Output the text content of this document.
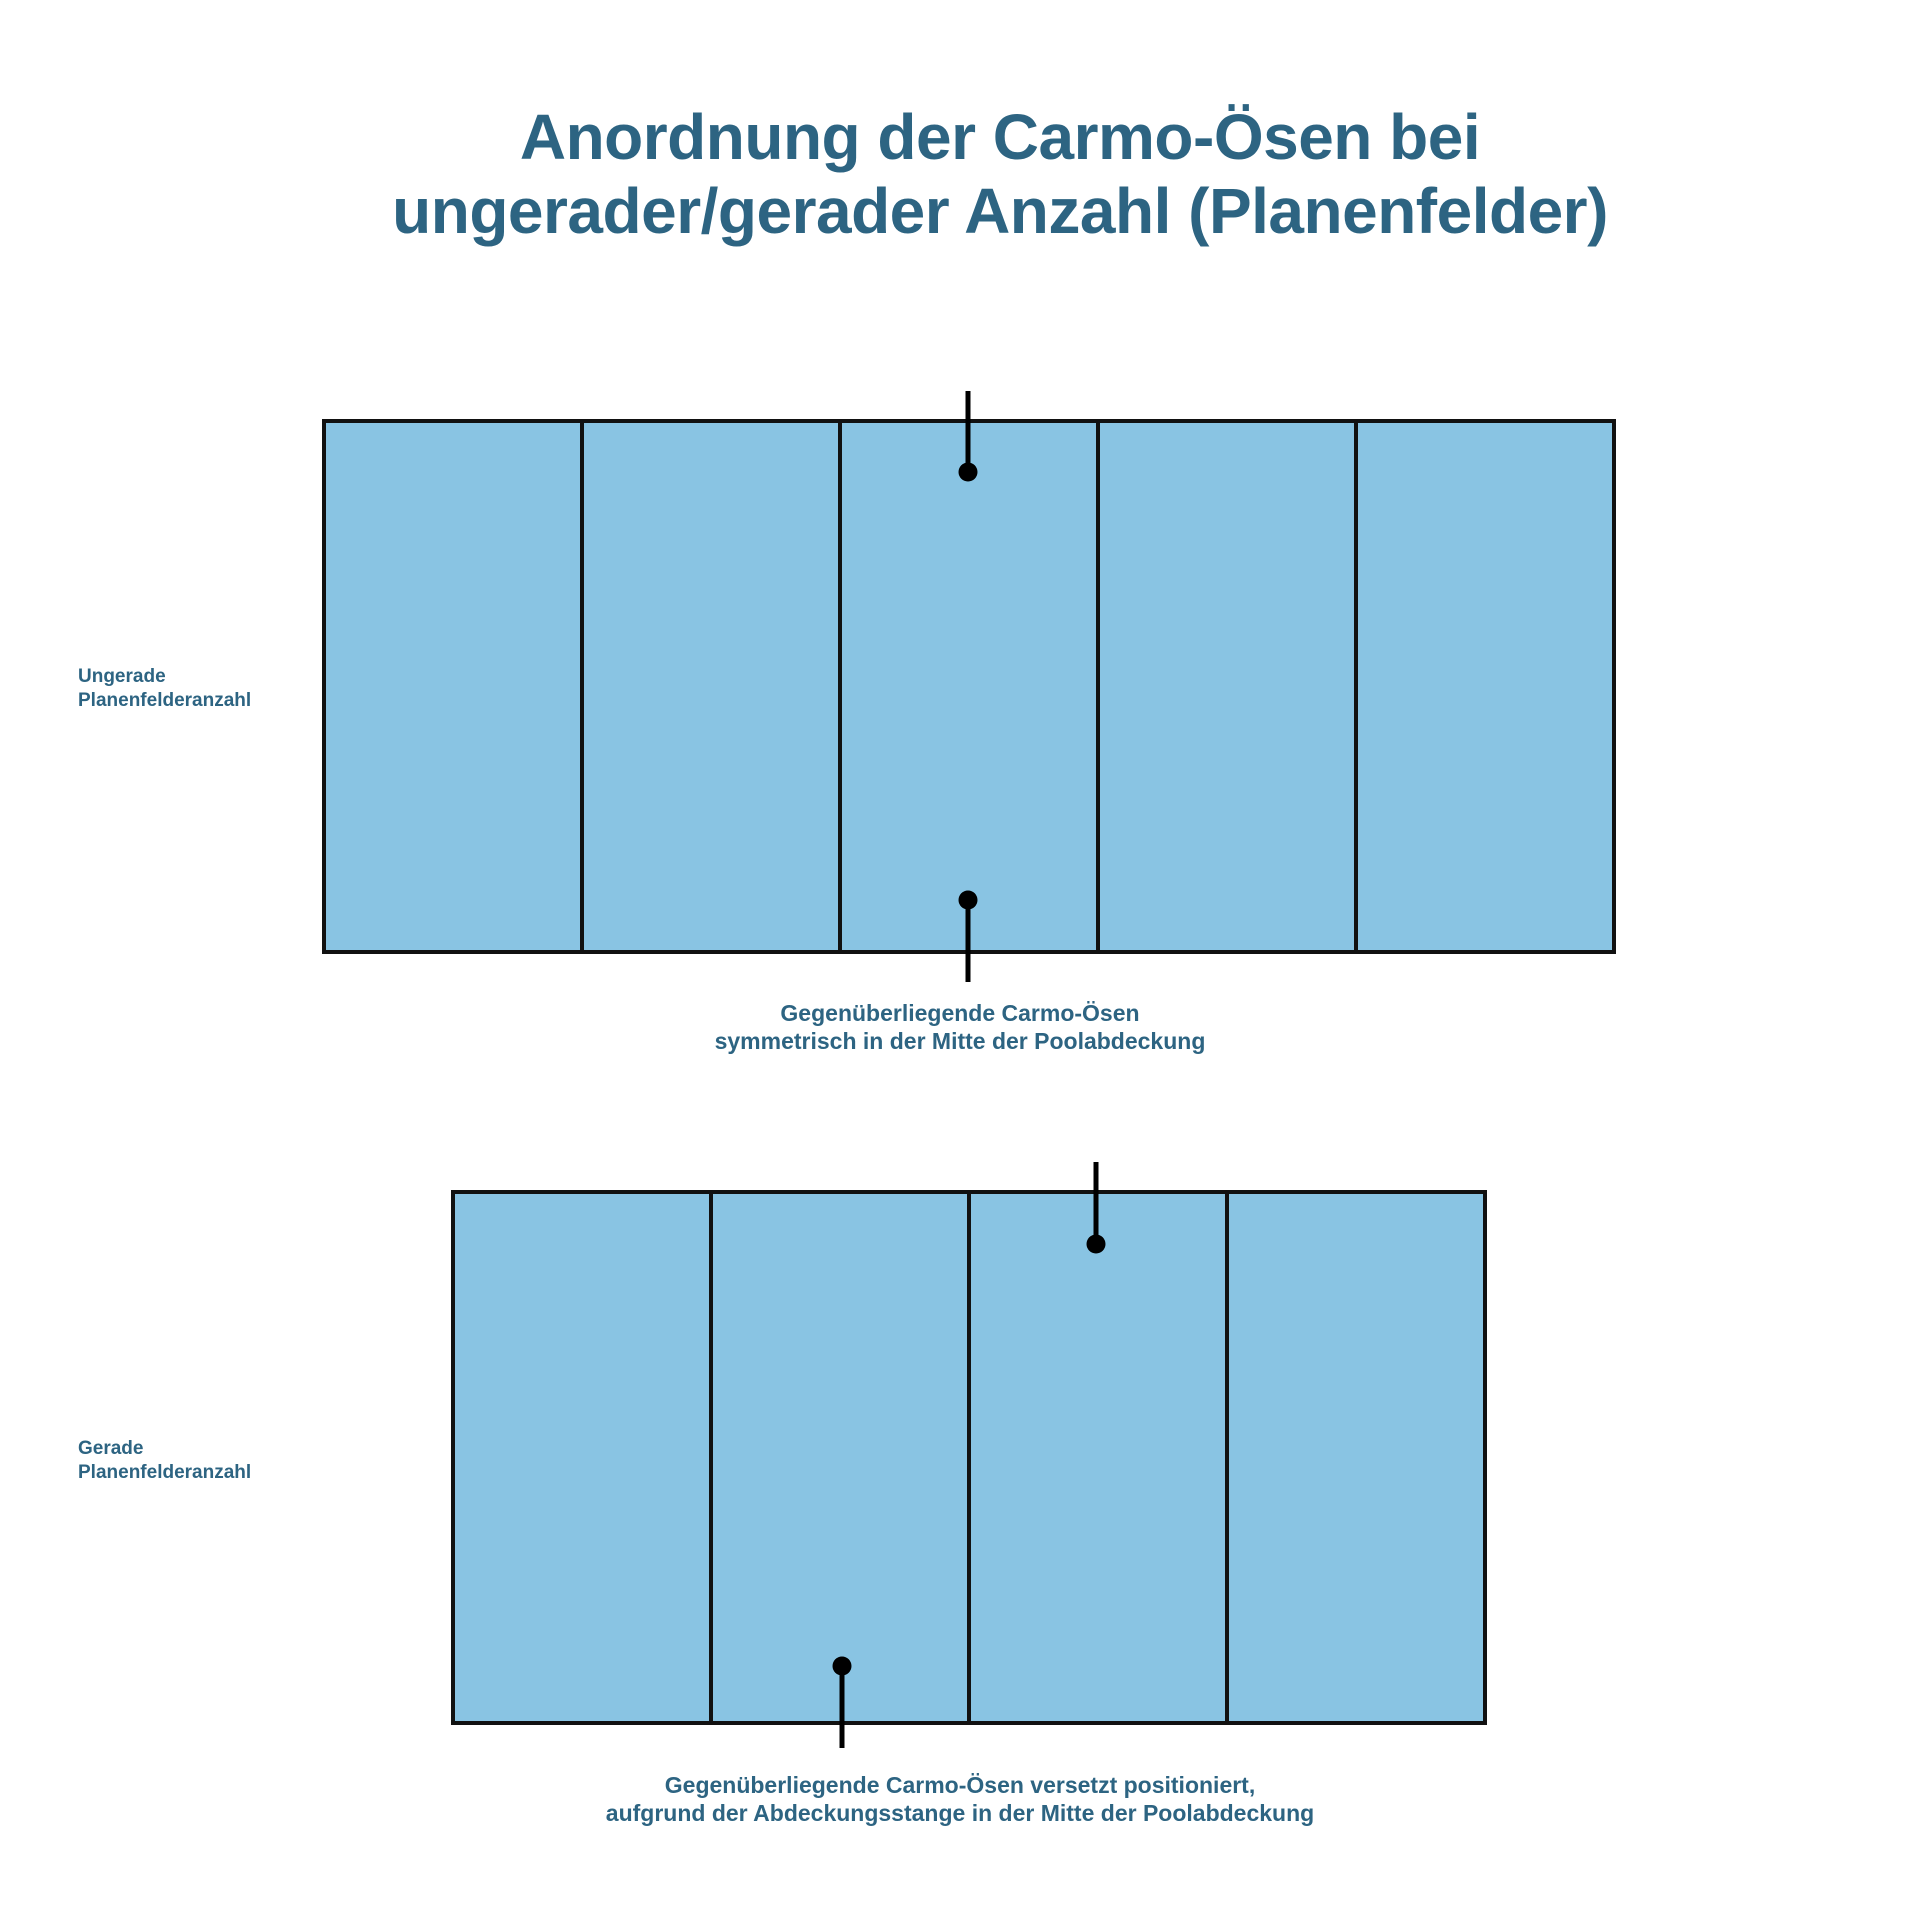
Anordnung der Carmo-Ösen bei
ungerader/gerader Anzahl (Planenfelder)
Ungerade
Planenfelderanzahl
Gerade
Planenfelderanzahl
Gegenüberliegende Carmo-Ösen
symmetrisch in der Mitte der Poolabdeckung
Gegenüberliegende Carmo-Ösen versetzt positioniert,
aufgrund der Abdeckungsstange in der Mitte der Poolabdeckung
